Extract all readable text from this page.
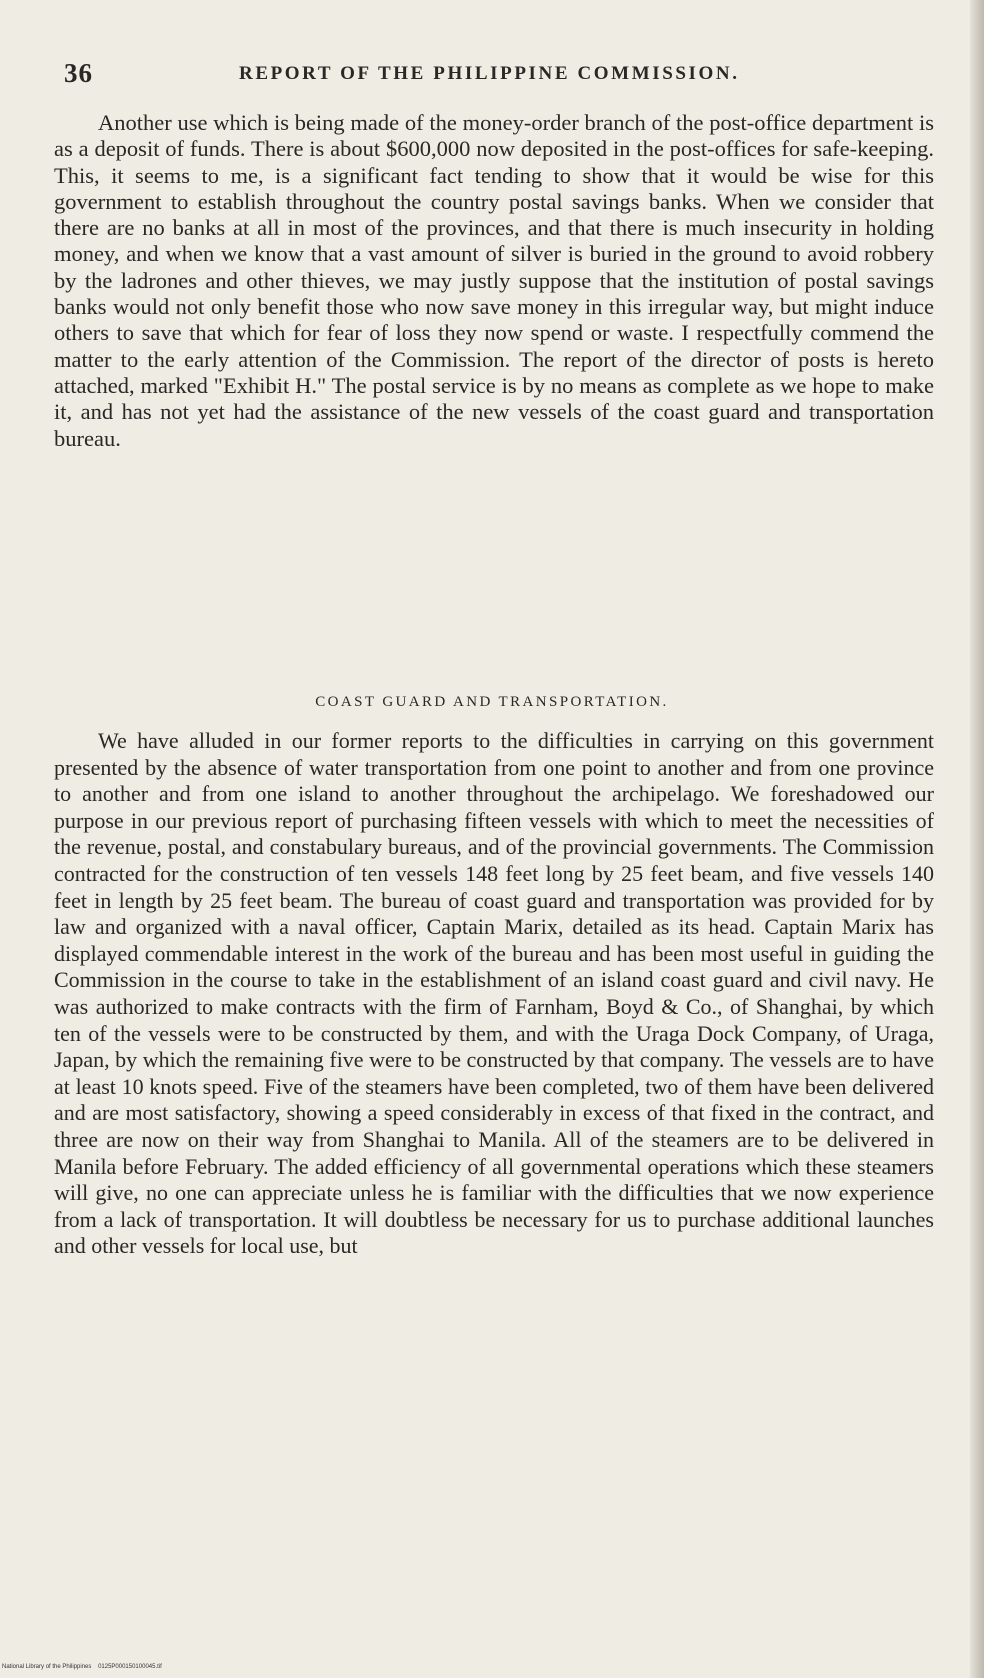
36	REPORT OF THE PHILIPPINE COMMISSION.

Another use which is being made of the money-order branch of the post-office department is as a deposit of funds. There is about $600,000 now deposited in the post-offices for safe-keeping. This, it seems to me, is a significant fact tending to show that it would be wise for this government to establish throughout the country postal savings banks. When we consider that there are no banks at all in most of the provinces, and that there is much insecurity in holding money, and when we know that a vast amount of silver is buried in the ground to avoid robbery by the ladrones and other thieves, we may justly suppose that the institution of postal savings banks would not only benefit those who now save money in this irregular way, but might induce others to save that which for fear of loss they now spend or waste. I respectfully commend the matter to the early attention of the Commission. The report of the director of posts is hereto attached, marked "Exhibit H." The postal service is by no means as complete as we hope to make it, and has not yet had the assistance of the new vessels of the coast guard and transportation bureau.

COAST GUARD AND TRANSPORTATION.

We have alluded in our former reports to the difficulties in carrying on this government presented by the absence of water transportation from one point to another and from one province to another and from one island to another throughout the archipelago. We foreshadowed our purpose in our previous report of purchasing fifteen vessels with which to meet the necessities of the revenue, postal, and constabulary bureaus, and of the provincial governments. The Commission contracted for the construction of ten vessels 148 feet long by 25 feet beam, and five vessels 140 feet in length by 25 feet beam. The bureau of coast guard and transportation was provided for by law and organized with a naval officer, Captain Marix, detailed as its head. Captain Marix has displayed commendable interest in the work of the bureau and has been most useful in guiding the Commission in the course to take in the establishment of an island coast guard and civil navy. He was authorized to make contracts with the firm of Farnham, Boyd & Co., of Shanghai, by which ten of the vessels were to be constructed by them, and with the Uraga Dock Company, of Uraga, Japan, by which the remaining five were to be constructed by that company. The vessels are to have at least 10 knots speed. Five of the steamers have been completed, two of them have been delivered and are most satisfactory, showing a speed considerably in excess of that fixed in the contract, and three are now on their way from Shanghai to Manila. All of the steamers are to be delivered in Manila before February. The added efficiency of all governmental operations which these steamers will give, no one can appreciate unless he is familiar with the difficulties that we now experience from a lack of transportation. It will doubtless be necessary for us to purchase additional launches and other vessels for local use, but

National Library of the Philippines 0125P000150100045.tif
